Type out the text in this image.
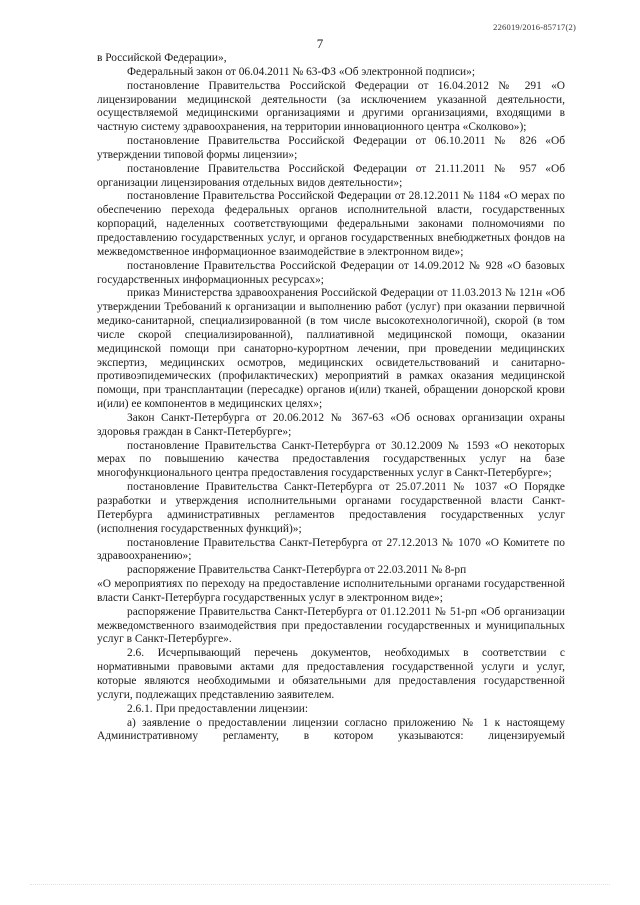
226019/2016-85717(2)
7

в Российской Федерации»,

Федеральный закон от 06.04.2011 № 63-ФЗ «Об электронной подписи»;

постановление Правительства Российской Федерации от 16.04.2012 № 291 «О лицензировании медицинской деятельности (за исключением указанной деятельности, осуществляемой медицинскими организациями и другими организациями, входящими в частную систему здравоохранения, на территории инновационного центра «Сколково»);

постановление Правительства Российской Федерации от 06.10.2011 № 826 «Об утверждении типовой формы лицензии»;

постановление Правительства Российской Федерации от 21.11.2011 № 957 «Об организации лицензирования отдельных видов деятельности»;

постановление Правительства Российской Федерации от 28.12.2011 № 1184 «О мерах по обеспечению перехода федеральных органов исполнительной власти, государственных корпораций, наделенных соответствующими федеральными законами полномочиями по предоставлению государственных услуг, и органов государственных внебюджетных фондов на межведомственное информационное взаимодействие в электронном виде»;

постановление Правительства Российской Федерации от 14.09.2012 № 928 «О базовых государственных информационных ресурсах»;

приказ Министерства здравоохранения Российской Федерации от 11.03.2013 № 121н «Об утверждении Требований к организации и выполнению работ (услуг) при оказании первичной медико-санитарной, специализированной (в том числе высокотехнологичной), скорой (в том числе скорой специализированной), паллиативной медицинской помощи, оказании медицинской помощи при санаторно-курортном лечении, при проведении медицинских экспертиз, медицинских осмотров, медицинских освидетельствований и санитарно-противоэпидемических (профилактических) мероприятий в рамках оказания медицинской помощи, при трансплантации (пересадке) органов и(или) тканей, обращении донорской крови и(или) ее компонентов в медицинских целях»;

Закон Санкт-Петербурга от 20.06.2012 № 367-63 «Об основах организации охраны здоровья граждан в Санкт-Петербурге»;

постановление Правительства Санкт-Петербурга от 30.12.2009 № 1593 «О некоторых мерах по повышению качества предоставления государственных услуг на базе многофункционального центра предоставления государственных услуг в Санкт-Петербурге»;

постановление Правительства Санкт-Петербурга от 25.07.2011 № 1037 «О Порядке разработки и утверждения исполнительными органами государственной власти Санкт-Петербурга административных регламентов предоставления государственных услуг (исполнения государственных функций)»;

постановление Правительства Санкт-Петербурга от 27.12.2013 № 1070 «О Комитете по здравоохранению»;

распоряжение Правительства Санкт-Петербурга от 22.03.2011 № 8-рп

«О мероприятиях по переходу на предоставление исполнительными органами государственной власти Санкт-Петербурга государственных услуг в электронном виде»;

распоряжение Правительства Санкт-Петербурга от 01.12.2011 № 51-рп «Об организации межведомственного взаимодействия при предоставлении государственных и муниципальных услуг в Санкт-Петербурге».

2.6. Исчерпывающий перечень документов, необходимых в соответствии с нормативными правовыми актами для предоставления государственной услуги и услуг, которые являются необходимыми и обязательными для предоставления государственной услуги, подлежащих представлению заявителем.

2.6.1. При предоставлении лицензии:

а) заявление о предоставлении лицензии согласно приложению № 1 к настоящему Административному регламенту, в котором указываются: лицензируемый
